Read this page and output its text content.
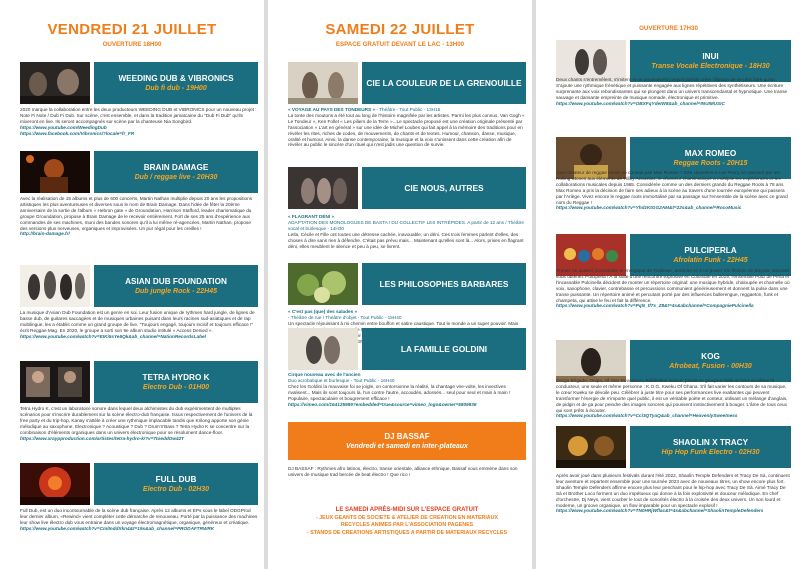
VENDREDI 21 JUILLET
OUVERTURE 18H00
WEEDING DUB & VIBRONICS
Dub fi dub - 19H00
2020 marque la collaboration entre les deux producteurs WEEDING DUB et VIBRONICS pour un nouveau projet : Note Fi Note / Dub Fi Dub. Sur scène, c'est ensemble, et dans la tradition jamaïcaine du "Dub Fi Dub" qu'ils mixeront en live. Ils seront accompagnés sur scène par la chanteuse Nia Songbird.
https://www.youtube.com/WeedingDub
https://www.facebook.com/Vibronics/?locale=fr_FR
BRAIN DAMAGE
Dub / reggae live - 20H30
Avec la réalisation de 15 albums et plus de 600 concerts, Martin Nathan multiplie depuis 20 ans les propositions artistiques les plus aventureuses et diverses sous le nom de Brain Damage. Dans l'idée de fêter la 20ème anniversaire de la sortie de l'album « Hebron gate » de Groundation, Harrison Stafford, leader charismatique du groupe Groundation, propose à Brain Damage de le recevoir entièrement. Fort de ses 25 ans d'expérience aux commandes de ses machines, muni des bandes sonores qu'il a lui même ré-agencées, Martin Nathan, propose des versions plus nerveuses, organiques et improvisées. Un pur régal pour les oreilles !
http://brain-damage.fr/
ASIAN DUB FOUNDATION
Dub jungle Rock - 22H45
La musique d'Asian Dub Foundation est un genre en soi. Leur fusion unique de rythmes hard jungle, de lignes de basse dub, de guitares saccagées et de musiques urbaines puisant dans leurs racines sud-asiatiques et de rap multilingue, les a établis comme un grand groupe de live. "Toujours engagé, toujours incisif et toujours efficace !" écrit Reggae Mag. En 2020, le groupe a sorti son 9e album studio intitulé « Access Denied ».
https://www.youtube.com/watch?v=EIKi5sYe5Qk&ab_channel=NationRecordsLabel
TETRA HYDRO K
Electro Dub - 01H00
Tetra Hydro K, c'est un laboratoire sonore dans lequel deux alchimistes du dub expérimentent de multiples scénarios pour s'inscrire durablement sur la scène électro-dub française. Issus respectivement de l'univers de la free party et du trip-hop, Kanay s'attèle à créer une rythmique implacable tandis que Krilong apporte son génie mélodique au saxophone. Electronique ? Acoustique ? Dub ? Drum'n'Bass ? Tetra Hydro K se concentre sur la combinaison d'éléments organiques dans un univers électronique pour se résolument dance-floor.
https://www.xraypproduction.com/artistes/tetra-hydro-k/?v=7toeddOw42T
FULL DUB
Electro Dub - 02H30
Full Dub, est un duo incontournable de la scène dub française. Après 12 albums et EPs sous le label ODGProd leur dernier album, «Rewind» vient compléter cette démarche de renouveau. Porté par la puissance des machines leur show live électro dub vous entraine dans un voyage électromagnétique, organique, généreux et créatique.
https://www.youtube.com/watch?v=CmlInddXkn4&t=19s&ab_channel=PRODAFTRWRK
SAMEDI 22 JUILLET
ESPACE GRATUIT DEVANT LE LAC - 13H00
CIE LA COULEUR DE LA GRENOUILLE
« VOYAGE AU PAYS DES TONDEURS » - Théâtre - Tout Public - 13H15
La tonte des moutons a été tout au long de l'histoire magnifiée par les artistes. Parmi les plus connus, Van Gogh « Le Tondeur », Ken Follet « Les piliers de la Terre »...Le spectacle proposé est une création originale présenté par l'association « L'art en général » sur une idée de Michel Loubes qui fait appel à la mémoire des traditions pour en révéler les rites, riches de codes, de mouvements, de chants et de textes. Humour, chanson, danse, musique, oralité et humour. Ainsi, la danse contemporaine, la musique et la voix s'unissent dans cette création afin de révéler au public le sincère d'un rituel qui n'est jadis une question de survie.
CIE NOUS, AUTRES
« FLAGRANT DÉNI »
ADAPTATION DES MONOLOGUES DE BASTA ! DU COLLECTIF LES INTRÉPIDES. A partir de 12 ans / Théâtre vocal et burlesque - 14H30
Leïla, Cécile et Fille ont toutes une détresse cachée, inavouable, un déni. Ces trois femmes parlent d'elles, des choses à dire sans rien à défendre. C'était pas prévu mais... Maintenant qu'elles sont là... Alors, prises en flagrant déni, elles meublent le silence et peu à peu, se livrent.
LES PHILOSOPHES BARBARES
« C'est pas (que) des salades »
- Théâtre de rue / Théâtre d'objet - Tout Public - 15H40
Un spectacle réjouissant à mi chemin entre bouffon et satire caustique. Tout le monde a un super pouvoir. Mais
LA FAMILLE GOLDINI
Cirque nouveau avec de l'ancien
Duo acrobatique et burlesque - Tout Public - 16H40
Chez les Goldini la mauvaise foi se joigle, on contorsionne la réalité, la chantage vire-volte, les invectives rivalisent... Mais ils sont toujours là, l'un contre l'autre, accoudés, adossés... seul pour seul et main à main ! Populaire, spectaculaire et bougrement efficace !
https://vimeo.com/164125989?embedded=true&source=vimeo_logo&owner=5809936
DJ BASSAF
Vendredi et samedi en inter-plateaux
DJ BASSAF : Rythmes afro latinos, électro, transe orientale, alliance ethnique, Bassaf vous emmène dans son univers de musique trad bercée de beat électro ! Que rico !
LE SAMEDI APRÈS-MIDI SUR L'ESPACE GRATUIT
- JEUX GEANTS DE SOCIETE & ATELIER DE CREATION EN MATERIAUX
RECYCLES ANIMES PAR L'ASSOCIATION PAGENES
- STANDS DE CREATIONS ARTISTIQUES A PARTIR DE MATERIAUX RECYCLES
OUVERTURE 17H30
INUI
Transe Vocale Electronique - 18H30
Deux chants s'entremêlent, s'imitent et se poursuivent jusqu'à parfois créer l'illusion de ne plus faire qu'un. S'ajoute une rythmique frénétique et puissante engagée aux lignes répétitives des synthétiseurs. Une écriture surprenante aux voix rebondissantes qui se plongent dans un univers transcendantal et hypnotique. Une transe sauvage et dansante empreinte de musique nomade, électronique et primitive.
https://www.youtube.com/watch?v=OBXFqYdeIW8&ab_channel=INUIMUSIC
MAX ROMEO
Reggae Roots - 20H15
Quel amateur de reggae music ne connait pas Max Romeo ? Des Upsetters à Lee Perry, en passant par les Rolling Stones aux éléments de Trilby Acoustics, le chanteur charismatique a multiplié les expériences et les collaborations musicales depuis 1965. Considérée comme un des derniers grands du Reggae Roots à 78 ans Max Romeo a pris la décision de faire ses adieux à la scène au travers d'une tournée européenne qui passera par l'Ariège. Vivez encore le reggae roots immortalisé par sa passage sur l'ensemble de la scène avec ce grand nom du Reggae !
https://www.youtube.com/watch?v=YhdzKtGG2AM&t=22s&ab_channel=RocoMusic
PULCIPERLA
Afrolatin Funk - 22H45
Prenez un quartet iconoclaste et énergique de Toulouse, associez-le à un power trio féminin de Bogota, secouez, vous obtenez Pulciperla ! A la suite d'une rencontre explosive en Colombie en 2019, l'ensemble Pulci de Perla et l'incassable Pulcinella décident de monter un répertoire original: une musique hybride, chaloupée et charnelle où voix, saxophone, clavier, contrebasse et percussions communient généreusement et donnent la pulse dans une transe puissante. Un répertoire animé et percutant porté par des influences bullerengue, reggaeton, funk et champeta, qui attise le feu et fait la différence.
https://www.youtube.com/watch?v=PqN_tf7s_Z8&t=4s&abchannel=CompagniePulcinella
KOG
Afrobeat, Fusion - 00H30
Zongo Brigade, Onipa, All Star Revolution, Riddimtion Sound, plusieurs groupes mais un seul et même fil conducteur, une seule et même personne : K.O.G. Kweku Of Ghana. S'il fait varier les contours de sa musique, le cœur Kweku se dévoile peu. Célébrer à juste titre pour ses performances live exaltantes qui peuvent transformer l'énergie de n'importe quel public, il est un véritable poète et conteur, utilisant un mélange d'anglais, de pidgin et de ga pour peindre des images sonores qui poussent instinctivement à bouger. L'âme de tous ceux qui sont prêts à écouter.
https://www.youtube.com/watch?v=Ccl3QTyaQ&ab_channel=HeavenlySweetness
SHAOLIN X TRACY
Hip Hop Funk Electro - 02H30
Après avoir joué dans plusieurs festivals durant l'été 2022, Shaolin Temple Defenders et Tracy De Sà, continuent leur aventure et repartent ensemble pour une tournée 2023 avec de nouveaux titres, un show encore plus fort. Shaolin Temple Defenders affirme encore plus leur penchant pour le hip-hop avec Tracy De Sà. Aimé Tracy De Sà et Brother Loco forment un duo impétueux qui donne à la fois explosivité et douceur mélodique. En chef d'orchestre, Dj Neys, vient courber le tout de sonorités électro à la croisée des deux univers. Un son lourd et moderne, un groove organique, un flow imparable pour un spectacle explosif !
https://www.youtube.com/watch?v=TN0HRjWflac&t=4s&abchannel=ShaolinTempleDefenders
